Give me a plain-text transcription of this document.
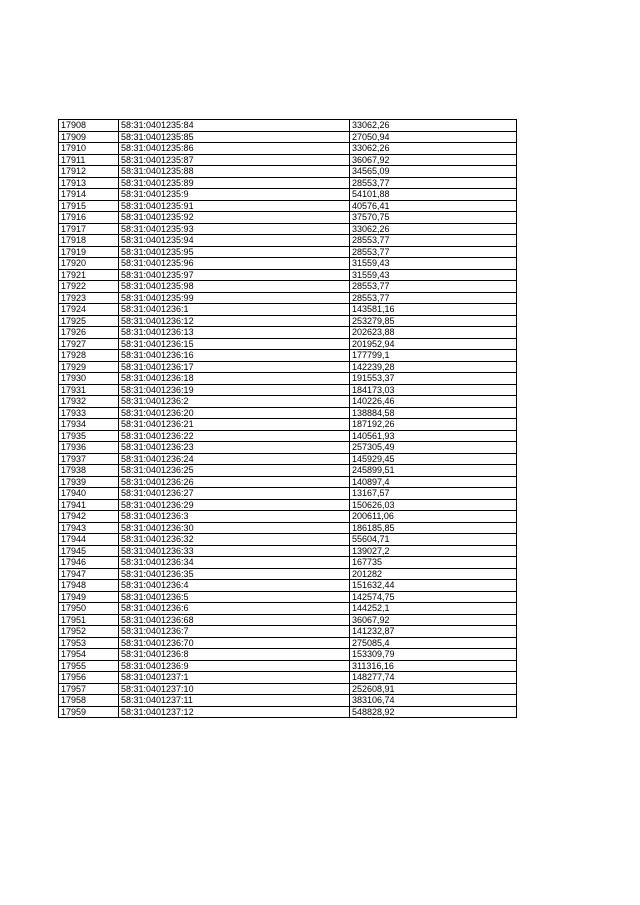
17908	58:31:0401235:84	33062,26
17909	58:31:0401235:85	27050,94
17910	58:31:0401235:86	33062,26
17911	58:31:0401235:87	36067,92
17912	58:31:0401235:88	34565,09
17913	58:31:0401235:89	28553,77
17914	58:31:0401235:9	54101,88
17915	58:31:0401235:91	40576,41
17916	58:31:0401235:92	37570,75
17917	58:31:0401235:93	33062,26
17918	58:31:0401235:94	28553,77
17919	58:31:0401235:95	28553,77
17920	58:31:0401235:96	31559,43
17921	58:31:0401235:97	31559,43
17922	58:31:0401235:98	28553,77
17923	58:31:0401235:99	28553,77
17924	58:31:0401236:1	143581,16
17925	58:31:0401236:12	253279,85
17926	58:31:0401236:13	202623,88
17927	58:31:0401236:15	201952,94
17928	58:31:0401236:16	177799,1
17929	58:31:0401236:17	142239,28
17930	58:31:0401236:18	191553,37
17931	58:31:0401236:19	184173,03
17932	58:31:0401236:2	140226,46
17933	58:31:0401236:20	138884,58
17934	58:31:0401236:21	187192,26
17935	58:31:0401236:22	140561,93
17936	58:31:0401236:23	257305,49
17937	58:31:0401236:24	145929,45
17938	58:31:0401236:25	245899,51
17939	58:31:0401236:26	140897,4
17940	58:31:0401236:27	13167,57
17941	58:31:0401236:29	150626,03
17942	58:31:0401236:3	200611,06
17943	58:31:0401236:30	186185,85
17944	58:31:0401236:32	55604,71
17945	58:31:0401236:33	139027,2
17946	58:31:0401236:34	167735
17947	58:31:0401236:35	201282
17948	58:31:0401236:4	151632,44
17949	58:31:0401236:5	142574,75
17950	58:31:0401236:6	144252,1
17951	58:31:0401236:68	36067,92
17952	58:31:0401236:7	141232,87
17953	58:31:0401236:70	275085,4
17954	58:31:0401236:8	153309,79
17955	58:31:0401236:9	311316,16
17956	58:31:0401237:1	148277,74
17957	58:31:0401237:10	252608,91
17958	58:31:0401237:11	383106,74
17959	58:31:0401237:12	548828,92
